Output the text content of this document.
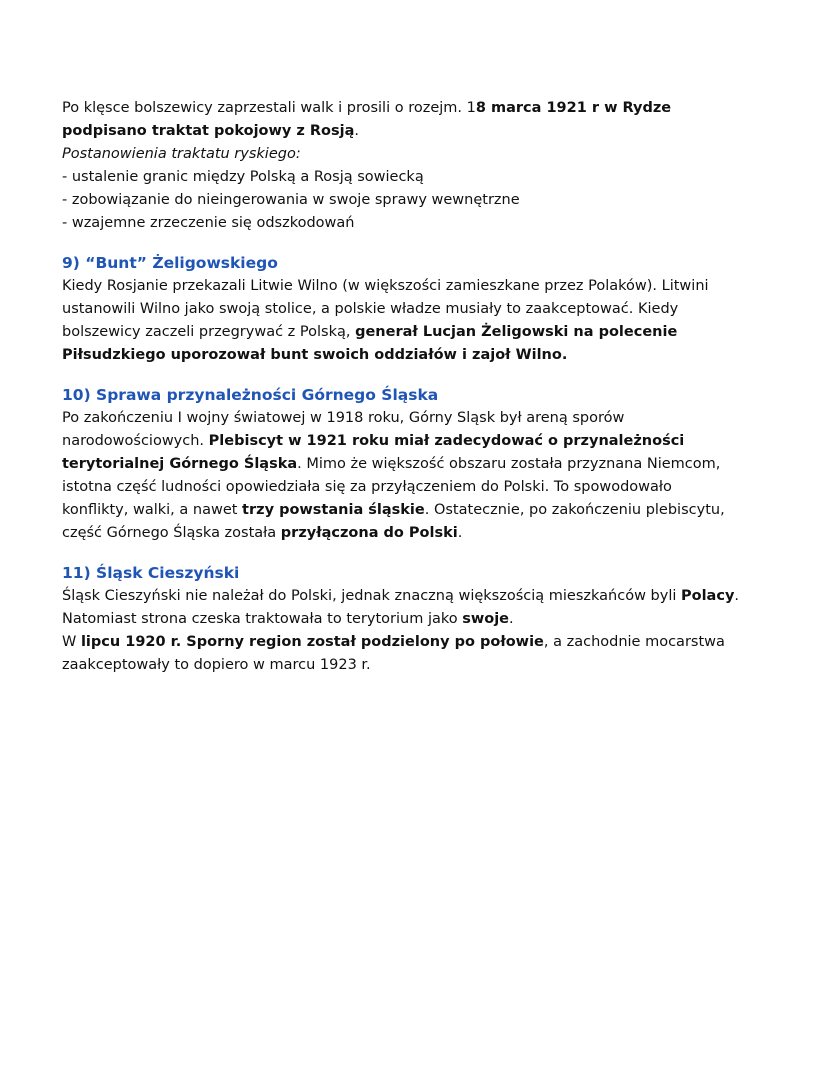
Po klęsce bolszewicy zaprzestali walk i prosili o rozejm. 18 marca 1921 r w Rydze
podpisano traktat pokojowy z Rosją.
Postanowienia traktatu ryskiego:
- ustalenie granic między Polską a Rosją sowiecką
- zobowiązanie do nieingerowania w swoje sprawy wewnętrzne
- wzajemne zrzeczenie się odszkodowań
9) “Bunt” Żeligowskiego
Kiedy Rosjanie przekazali Litwie Wilno (w większości zamieszkane przez Polaków). Litwini
ustanowili Wilno jako swoją stolice, a polskie władze musiały to zaakceptować. Kiedy
bolszewicy zaczeli przegrywać z Polską, generał Lucjan Żeligowski na polecenie
Piłsudzkiego uporozował bunt swoich oddziałów i zajoł Wilno.
10) Sprawa przynależności Górnego Śląska
Po zakończeniu I wojny światowej w 1918 roku, Górny Sląsk był areną sporów
narodowościowych. Plebiscyt w 1921 roku miał zadecydować o przynależności
terytorialnej Górnego Śląska. Mimo że większość obszaru została przyznana Niemcom,
istotna część ludności opowiedziała się za przyłączeniem do Polski. To spowodowało
konflikty, walki, a nawet trzy powstania śląskie. Ostatecznie, po zakończeniu plebiscytu,
część Górnego Śląska została przyłączona do Polski.
11) Śląsk Cieszyński
Śląsk Cieszyński nie należał do Polski, jednak znaczną większością mieszkańców byli Polacy.
Natomiast strona czeska traktowała to terytorium jako swoje.
W lipcu 1920 r. Sporny region został podzielony po połowie, a zachodnie mocarstwa
zaakceptowały to dopiero w marcu 1923 r.
